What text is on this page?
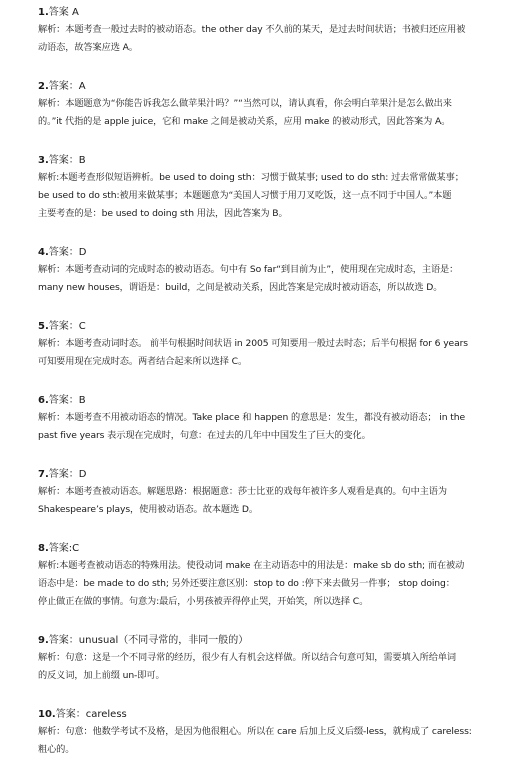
1.答案 A

解析：本题考查一般过去时的被动语态。the other day 不久前的某天，是过去时间状语；书被归还应用被
动语态，故答案应选 A。

2.答案：A

解析：本题题意为“你能告诉我怎么做苹果汁吗？”“当然可以，请认真看，你会明白苹果汁是怎么做出来
的。”it 代指的是 apple juice，它和 make 之间是被动关系，应用 make 的被动形式，因此答案为 A。

3.答案：B

解析:本题考查形似短语辨析。be used to doing sth：习惯于做某事; used to do sth: 过去常常做某事；
be used to do sth:被用来做某事；本题题意为“美国人习惯于用刀叉吃饭，这一点不同于中国人。”本题
主要考查的是：be used to doing sth 用法，因此答案为 B。

4.答案：D

解析：本题考查动词的完成时态的被动语态。句中有 So far“到目前为止”，使用现在完成时态，主语是：
many new houses，谓语是：build，之间是被动关系，因此答案是完成时被动语态，所以故选 D。

5.答案：C

解析：本题考查动词时态。 前半句根据时间状语 in 2005 可知要用一般过去时态；后半句根据 for 6 years
可知要用现在完成时态。两者结合起来所以选择 C。

6.答案：B

解析：本题考查不用被动语态的情况。Take place 和 happen 的意思是：发生，都没有被动语态； in the
past five years 表示现在完成时，句意：在过去的几年中中国发生了巨大的变化。

7.答案：D

解析：本题考查被动语态。解题思路：根据题意：莎士比亚的戏每年被许多人观看是真的。句中主语为
Shakespeare’s plays，使用被动语态。故本题选 D。

8.答案:C

解析:本题考查被动语态的特殊用法。使役动词 make 在主动语态中的用法是：make sb do sth; 而在被动
语态中是：be made to do sth; 另外还要注意区别：stop to do :停下来去做另一件事； stop doing：
停止做正在做的事情。句意为:最后，小男孩被弄得停止哭，开始笑，所以选择 C。

9.答案：unusual（不同寻常的，非同一般的）

解析：句意：这是一个不同寻常的经历，很少有人有机会这样做。所以结合句意可知，需要填入所给单词
的反义词，加上前缀 un-即可。

10.答案：careless

解析：句意：他数学考试不及格，是因为他很粗心。所以在 care 后加上反义后缀-less，就构成了 careless:
粗心的。
